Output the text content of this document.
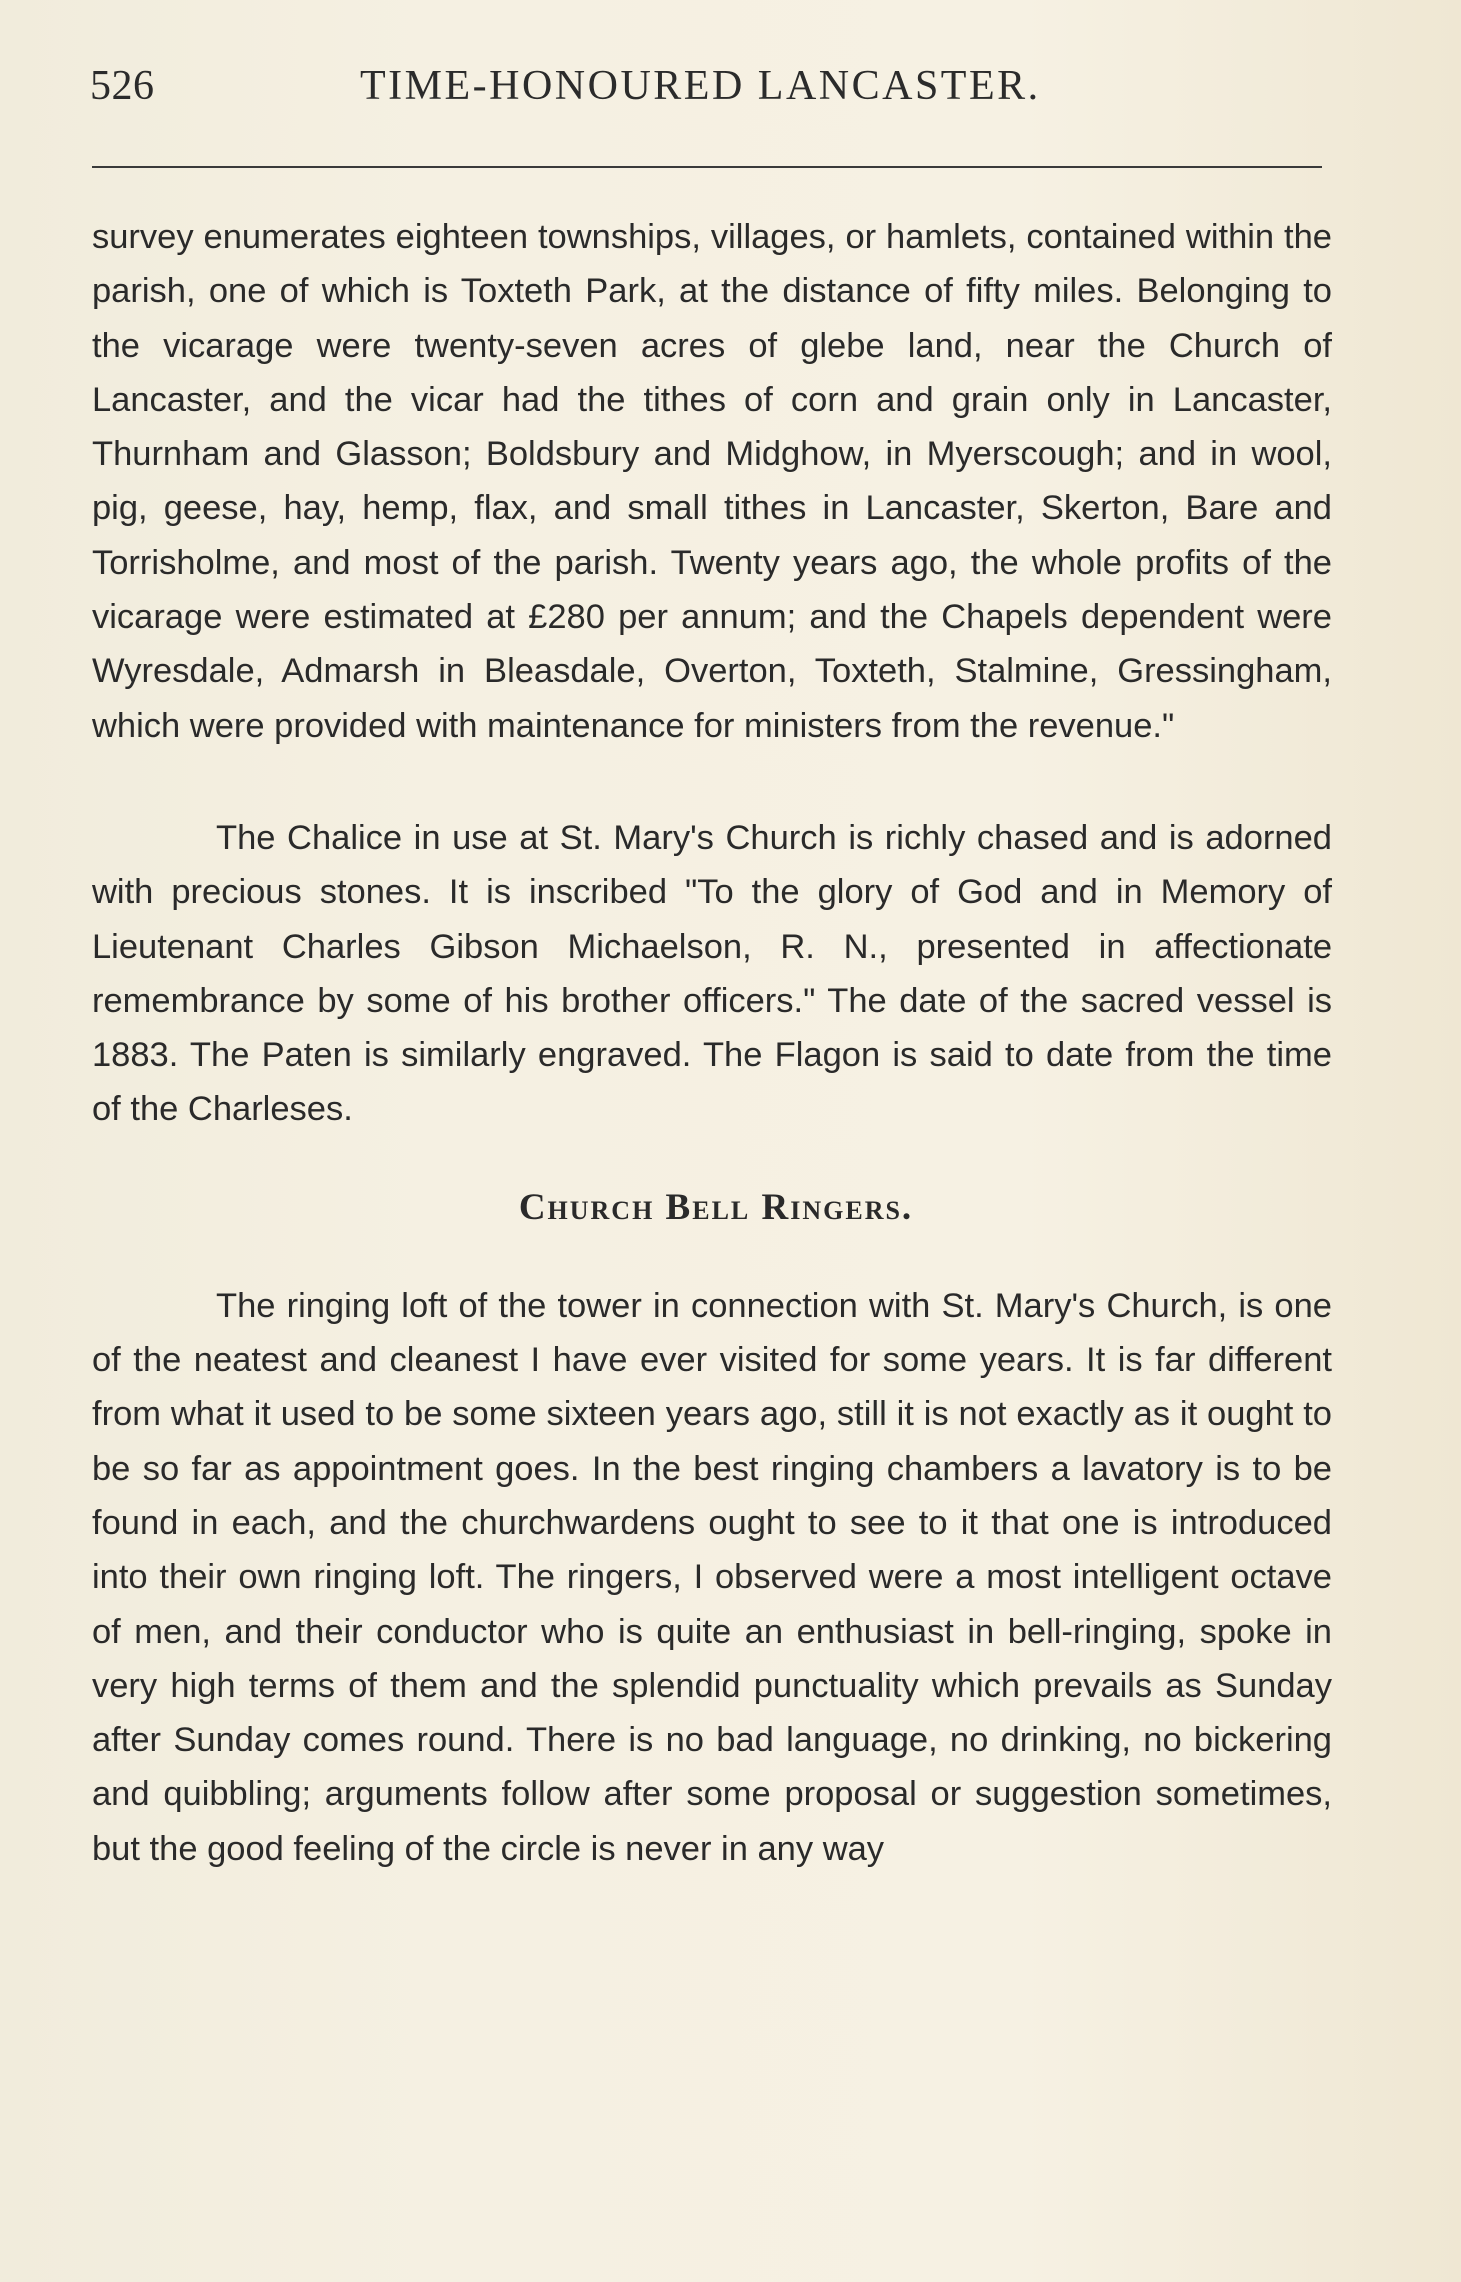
526	TIME-HONOURED LANCASTER.

survey enumerates eighteen townships, villages, or hamlets, contained within the parish, one of which is Toxteth Park, at the distance of fifty miles. Belonging to the vicarage were twenty-seven acres of glebe land, near the Church of Lancaster, and the vicar had the tithes of corn and grain only in Lancaster, Thurnham and Glasson; Boldsbury and Midghow, in Myerscough; and in wool, pig, geese, hay, hemp, flax, and small tithes in Lancaster, Skerton, Bare and Torrisholme, and most of the parish. Twenty years ago, the whole profits of the vicarage were estimated at £280 per annum; and the Chapels dependent were Wyresdale, Admarsh in Bleasdale, Overton, Toxteth, Stalmine, Gressingham, which were provided with maintenance for ministers from the revenue."

The Chalice in use at St. Mary's Church is richly chased and is adorned with precious stones. It is inscribed "To the glory of God and in Memory of Lieutenant Charles Gibson Michaelson, R. N., presented in affectionate remembrance by some of his brother officers." The date of the sacred vessel is 1883. The Paten is similarly engraved. The Flagon is said to date from the time of the Charleses.

Church Bell Ringers.

The ringing loft of the tower in connection with St. Mary's Church, is one of the neatest and cleanest I have ever visited for some years. It is far different from what it used to be some sixteen years ago, still it is not exactly as it ought to be so far as appointment goes. In the best ringing chambers a lavatory is to be found in each, and the churchwardens ought to see to it that one is introduced into their own ringing loft. The ringers, I observed were a most intelligent octave of men, and their conductor who is quite an enthusiast in bell-ringing, spoke in very high terms of them and the splendid punctuality which prevails as Sunday after Sunday comes round. There is no bad language, no drinking, no bickering and quibbling; arguments follow after some proposal or suggestion sometimes, but the good feeling of the circle is never in any way
